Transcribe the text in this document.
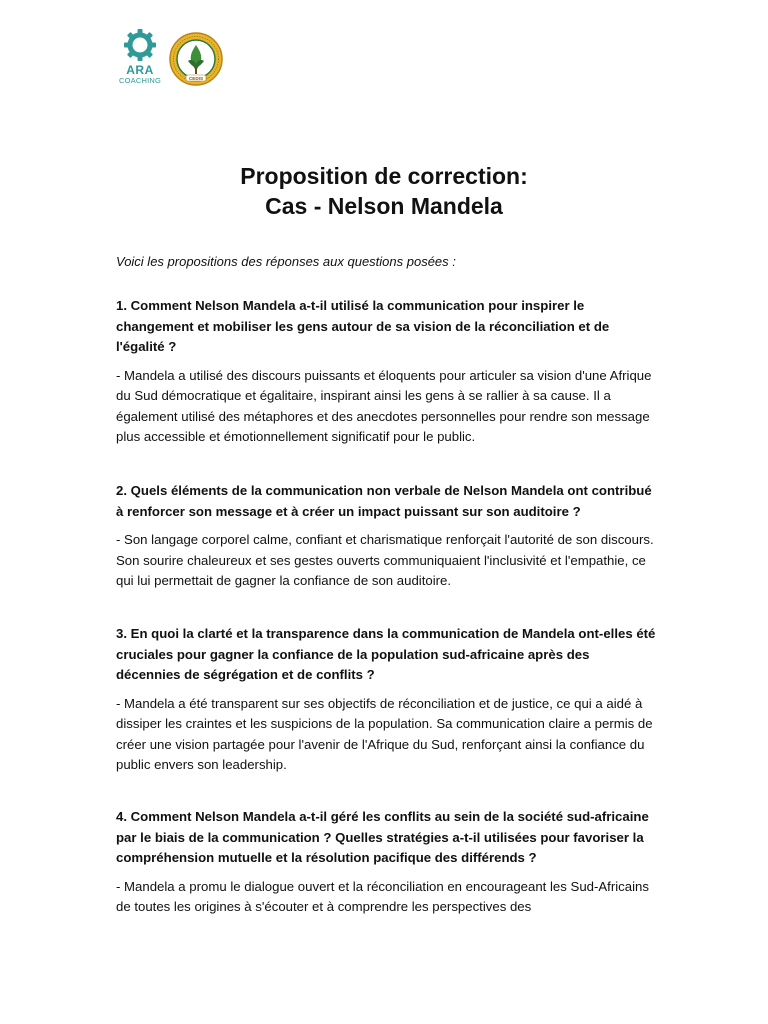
ARA
COACHING	CEDIS
Proposition de correction:
Cas - Nelson Mandela

Voici les propositions des réponses aux questions posées :

1. Comment Nelson Mandela a-t-il utilisé la communication pour inspirer le changement et mobiliser les gens autour de sa vision de la réconciliation et de l'égalité ?

- Mandela a utilisé des discours puissants et éloquents pour articuler sa vision d'une Afrique du Sud démocratique et égalitaire, inspirant ainsi les gens à se rallier à sa cause. Il a également utilisé des métaphores et des anecdotes personnelles pour rendre son message plus accessible et émotionnellement significatif pour le public.

2. Quels éléments de la communication non verbale de Nelson Mandela ont contribué à renforcer son message et à créer un impact puissant sur son auditoire ?

- Son langage corporel calme, confiant et charismatique renforçait l'autorité de son discours. Son sourire chaleureux et ses gestes ouverts communiquaient l'inclusivité et l'empathie, ce qui lui permettait de gagner la confiance de son auditoire.

3. En quoi la clarté et la transparence dans la communication de Mandela ont-elles été cruciales pour gagner la confiance de la population sud-africaine après des décennies de ségrégation et de conflits ?

- Mandela a été transparent sur ses objectifs de réconciliation et de justice, ce qui a aidé à dissiper les craintes et les suspicions de la population. Sa communication claire a permis de créer une vision partagée pour l'avenir de l'Afrique du Sud, renforçant ainsi la confiance du public envers son leadership.

4. Comment Nelson Mandela a-t-il géré les conflits au sein de la société sud-africaine par le biais de la communication ? Quelles stratégies a-t-il utilisées pour favoriser la compréhension mutuelle et la résolution pacifique des différends ?

- Mandela a promu le dialogue ouvert et la réconciliation en encourageant les Sud-Africains de toutes les origines à s'écouter et à comprendre les perspectives des
